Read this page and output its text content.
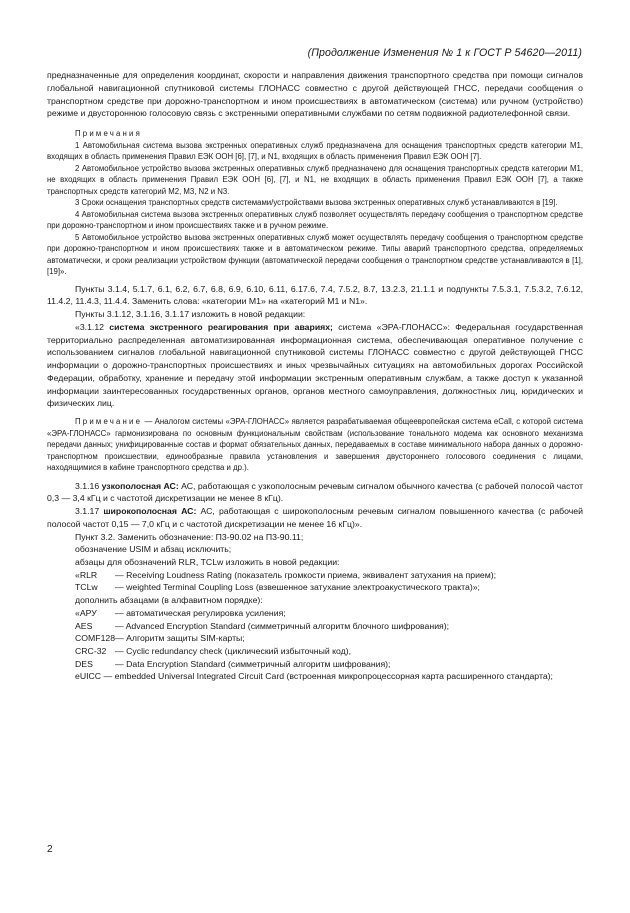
(Продолжение Изменения № 1 к ГОСТ Р 54620—2011)

предназначенные для определения координат, скорости и направления движения транспортного средства при помощи сигналов глобальной навигационной спутниковой системы ГЛОНАСС совместно с другой действующей ГНСС, передачи сообщения о транспортном средстве при дорожно-транспортном и ином происшествиях в автоматическом (система) или ручном (устройство) режиме и двустороннюю голосовую связь с экстренными оперативными службами по сетям подвижной радиотелефонной связи.

Примечания

1 Автомобильная система вызова экстренных оперативных служб предназначена для оснащения транспортных средств категории M1, входящих в область применения Правил ЕЭК ООН [6], [7], и N1, входящих в область применения Правил ЕЭК ООН [7].

2 Автомобильное устройство вызова экстренных оперативных служб предназначено для оснащения транспортных средств категории M1, не входящих в область применения Правил ЕЭК ООН [6], [7], и N1, не входящих в область применения Правил ЕЭК ООН [7], а также транспортных средств категорий M2, M3, N2 и N3.

3 Сроки оснащения транспортных средств системами/устройствами вызова экстренных оперативных служб устанавливаются в [19].

4 Автомобильная система вызова экстренных оперативных служб позволяет осуществлять передачу сообщения о транспортном средстве при дорожно-транспортном и ином происшествиях также и в ручном режиме.

5 Автомобильное устройство вызова экстренных оперативных служб может осуществлять передачу сообщения о транспортном средстве при дорожно-транспортном и ином происшествиях также и в автоматическом режиме. Типы аварий транспортного средства, определяемых автоматически, и сроки реализации устройством функции (автоматической передачи сообщения о транспортном средстве устанавливаются в [1], [19]».

Пункты 3.1.4, 5.1.7, 6.1, 6.2, 6.7, 6.8, 6.9, 6.10, 6.11, 6.17.6, 7.4, 7.5.2, 8.7, 13.2.3, 21.1.1 и подпункты 7.5.3.1, 7.5.3.2, 7.6.12, 11.4.2, 11.4.3, 11.4.4. Заменить слова: «категории M1» на «категорий M1 и N1».

Пункты 3.1.12, 3.1.16, 3.1.17 изложить в новой редакции:

«3.1.12 система экстренного реагирования при авариях; система «ЭРА-ГЛОНАСС»: Федеральная государственная территориально распределенная автоматизированная информационная система, обеспечивающая оперативное получение с использованием сигналов глобальной навигационной спутниковой системы ГЛОНАСС совместно с другой действующей ГНСС информации о дорожно-транспортных происшествиях и иных чрезвычайных ситуациях на автомобильных дорогах Российской Федерации, обработку, хранение и передачу этой информации экстренным оперативным службам, а также доступ к указанной информации заинтересованных государственных органов, органов местного самоуправления, должностных лиц, юридических и физических лиц.

Примечание — Аналогом системы «ЭРА-ГЛОНАСС» является разрабатываемая общеевропейская система eCall, с которой система «ЭРА-ГЛОНАСС» гармонизирована по основным функциональным свойствам (использование тонального модема как основного механизма передачи данных; унифицированные состав и формат обязательных данных, передаваемых в составе минимального набора данных о дорожно-транспортном происшествии, единообразные правила установления и завершения двустороннего голосового соединения с лицами, находящимися в кабине транспортного средства и др.).

3.1.16 узкополосная АС: АС, работающая с узкополосным речевым сигналом обычного качества (с рабочей полосой частот 0,3 — 3,4 кГц и с частотой дискретизации не менее 8 кГц).

3.1.17 широкополосная АС: АС, работающая с широкополосным речевым сигналом повышенного качества (с рабочей полосой частот 0,15 — 7,0 кГц и с частотой дискретизации не менее 16 кГц)».

Пункт 3.2. Заменить обозначение: П3-90.02 на П3-90.11;

обозначение USIM и абзац исключить;

абзацы для обозначений RLR, TCLw изложить в новой редакции:

«RLR	— Receiving Loudness Rating (показатель громкости приема, эквивалент затухания на прием);
TCLw	— weighted Terminal Coupling Loss (взвешенное затухание электроакустического тракта)»;

дополнить абзацами (в алфавитном порядке):

«АРУ	— автоматическая регулировка усиления;
AES	— Advanced Encryption Standard (симметричный алгоритм блочного шифрования);
COMF128 — Алгоритм защиты SIM-карты;
CRC-32 — Cyclic redundancy check (циклический избыточный код),
DES	— Data Encryption Standard (симметричный алгоритм шифрования);

eUICC — embedded Universal Integrated Circuit Card (встроенная микропроцессорная карта расширенного стандарта);

2
